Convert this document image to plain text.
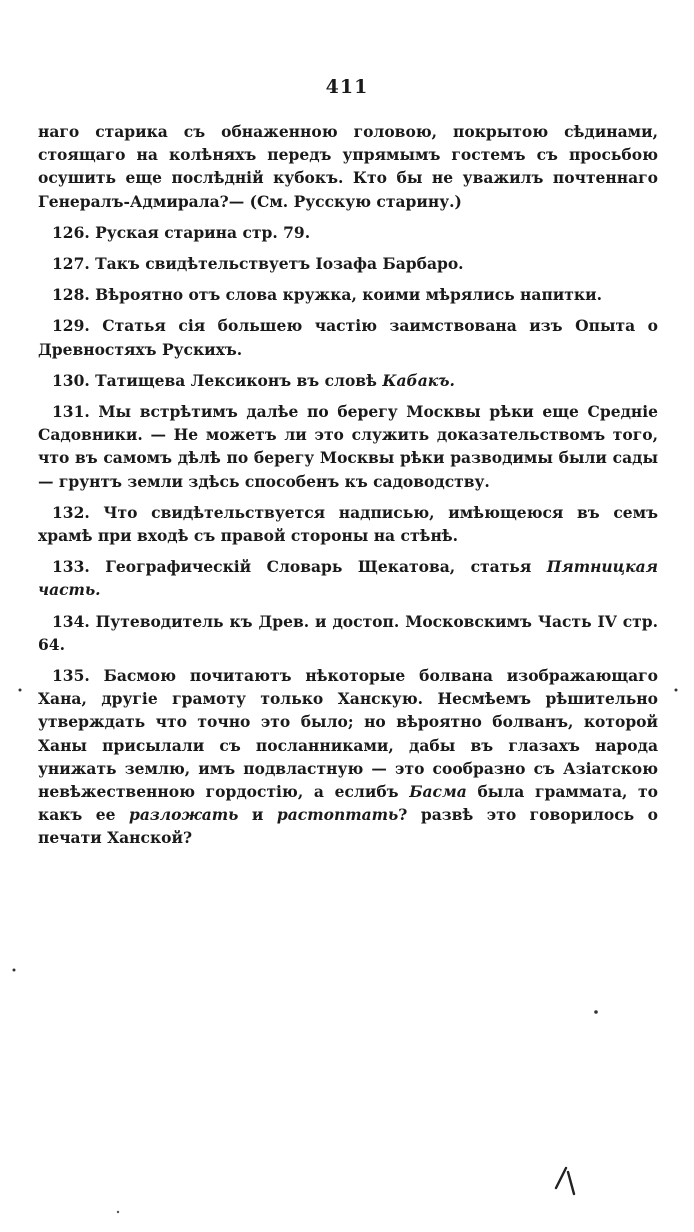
411

наго старика съ обнаженною головою, покрытою сѣдинами, стоящаго на колѣняхъ передъ упрямымъ гостемъ съ просьбою осушить еще послѣдній кубокъ. Кто бы не уважилъ почтеннаго Генералъ-Адмирала?— (См. Русскую старину.)

126. Руская старина стр. 79.

127. Такъ свидѣтельствуетъ Іозафа Барбаро.

128. Вѣроятно отъ слова кружка, коими мѣрялись напитки.

129. Статья сія большею частію заимствована изъ Опыта о Древностяхъ Руcкихъ.

130. Татищева Лексиконъ въ словѣ Кабакъ.

131. Мы встрѣтимъ далѣе по берегу Москвы рѣки еще Средніе Садовники. — Не можетъ ли это служить доказательствомъ того, что въ самомъ дѣлѣ по берегу Москвы рѣки разводимы были сады — грунтъ земли здѣсь способенъ къ садоводству.

132. Что свидѣтельствуется надписью, имѣющеюся въ семъ храмѣ при входѣ съ правой стороны на стѣнѣ.

133. Географическій Словарь Щекатова, статья Пятницкая часть.

134. Путеводитель къ Древ. и достоп. Московскимъ Часть IV стр. 64.

135. Басмою почитаютъ нѣкоторые болвана изображающаго Хана, другіе грамоту только Ханскую. Несмѣемъ рѣшительно утверждать что точно это было; но вѣроятно болванъ, которой Ханы присылали съ посланниками, дабы въ глазахъ народа унижать землю, имъ подвластную — это сообразно съ Азіатскою невѣжественною гордостію, а еслибъ Басма была граммата, то какъ ее разложать и растоптать? развѣ это говорилось о печати Ханской?
